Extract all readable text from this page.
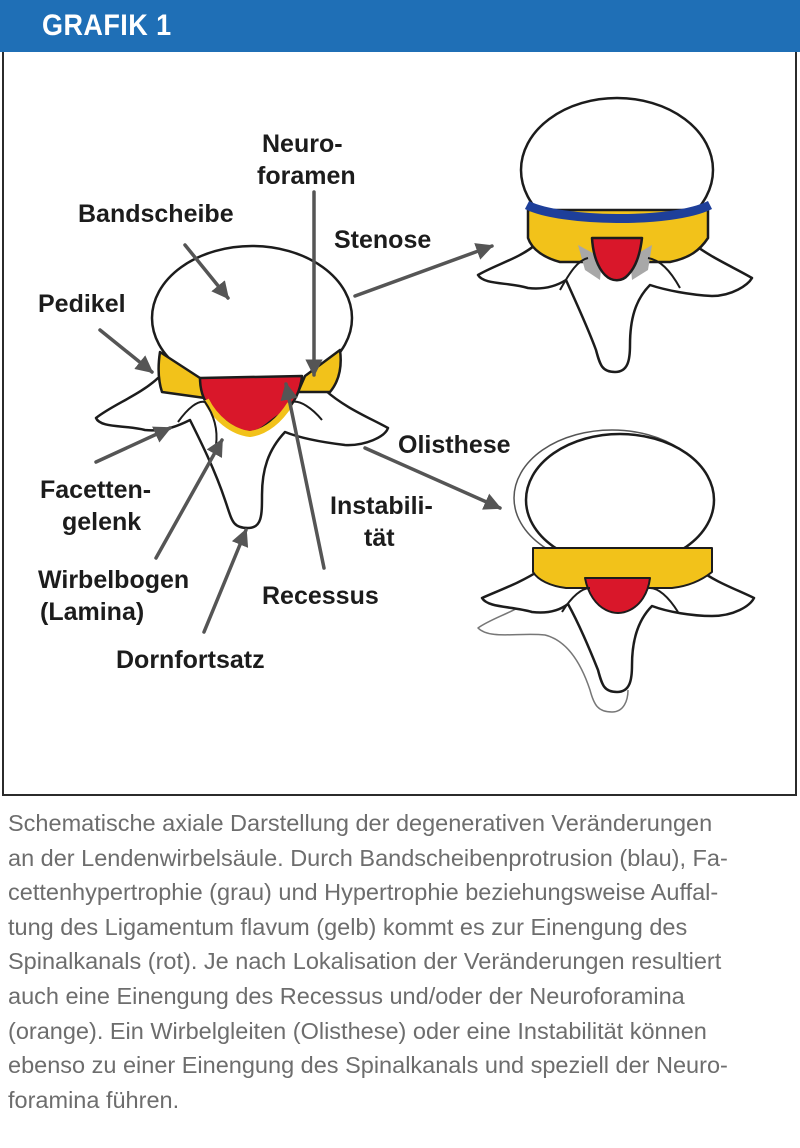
GRAFIK 1
Neuro-
foramen
Bandscheibe
Stenose
Pedikel
Olisthese
Facetten-
gelenk
Instabili-
tät
Wirbelbogen
(Lamina)
Recessus
Dornfortsatz
Schematische axiale Darstellung der degenerativen Veränderungen
an der Lendenwirbelsäule. Durch Bandscheibenprotrusion (blau), Fa-
cettenhypertrophie (grau) und Hypertrophie beziehungsweise Auffal-
tung des Ligamentum flavum (gelb) kommt es zur Einengung des
Spinalkanals (rot). Je nach Lokalisation der Veränderungen resultiert
auch eine Einengung des Recessus und/oder der Neuroforamina
(orange). Ein Wirbelgleiten (Olisthese) oder eine Instabilität können
ebenso zu einer Einengung des Spinalkanals und speziell der Neuro-
foramina führen.
